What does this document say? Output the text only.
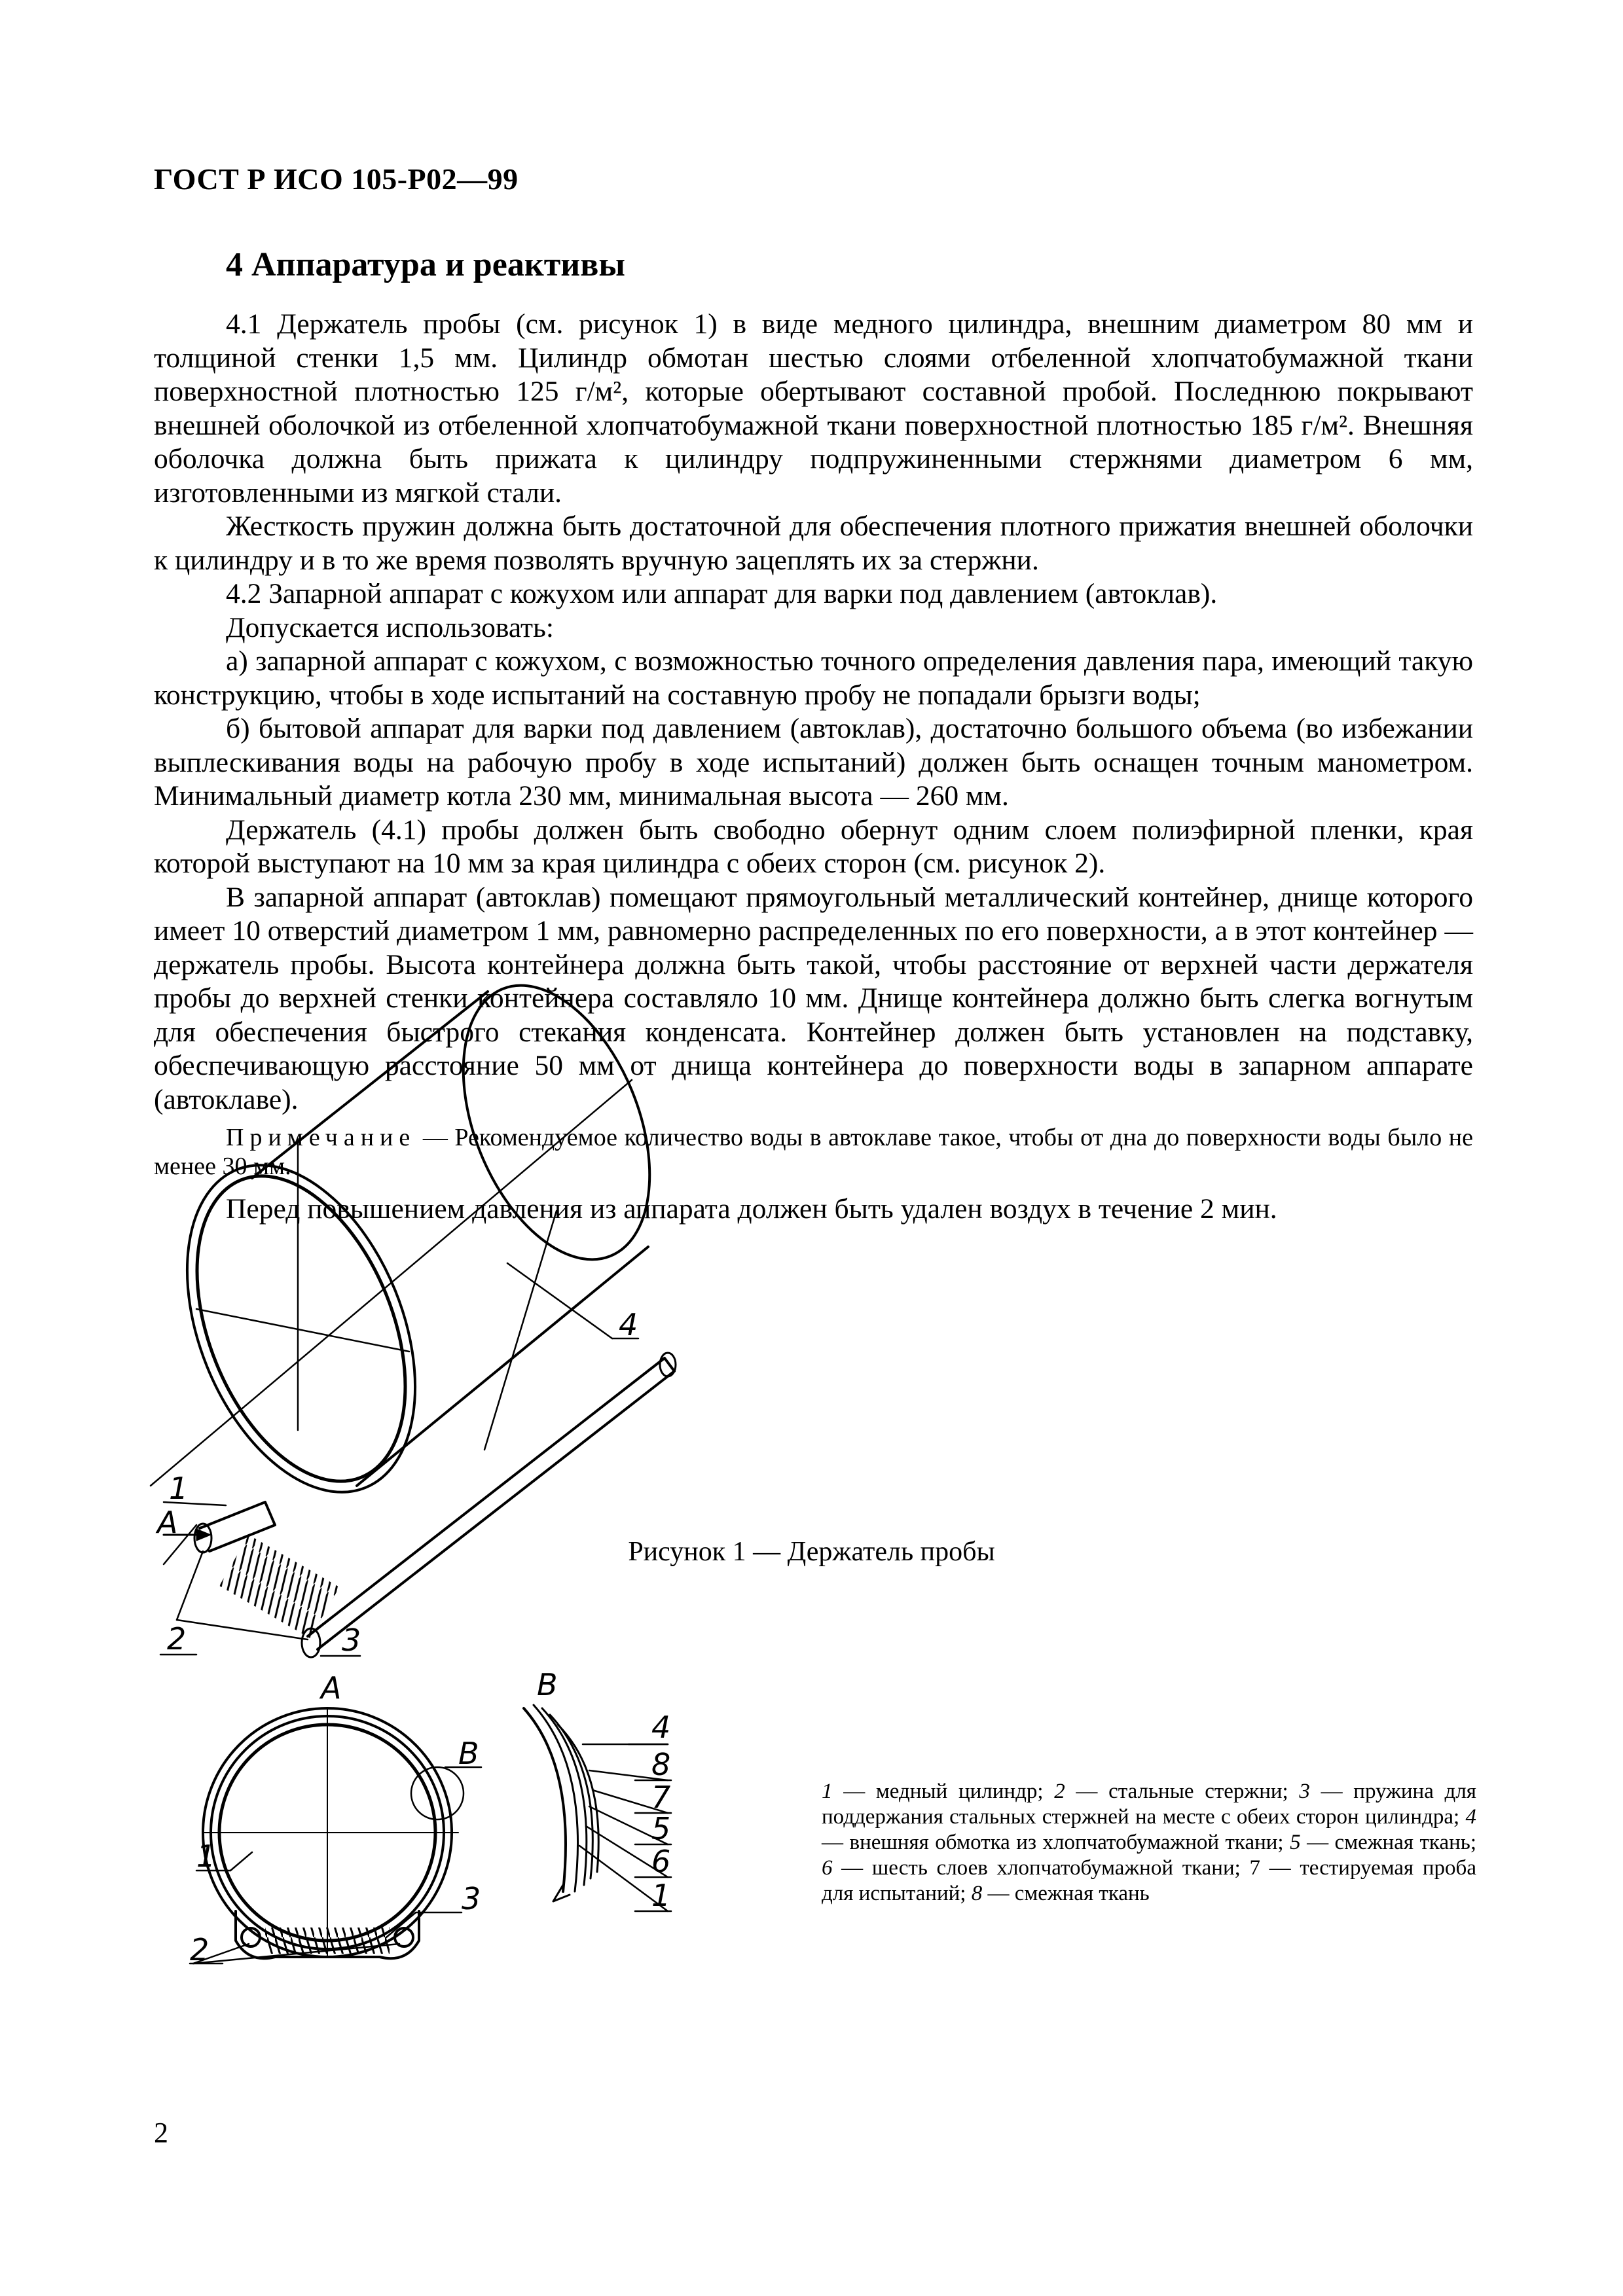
ГОСТ Р ИСО 105-Р02—99
4 Аппаратура и реактивы

4.1 Держатель пробы (см. рисунок 1) в виде медного цилиндра, внешним диаметром 80 мм и толщиной стенки 1,5 мм. Цилиндр обмотан шестью слоями отбеленной хлопчатобумажной ткани поверхностной плотностью 125 г/м², которые обертывают составной пробой. Последнюю покрывают внешней оболочкой из отбеленной хлопчатобумажной ткани поверхностной плотностью 185 г/м². Внешняя оболочка должна быть прижата к цилиндру подпружиненными стержнями диаметром 6 мм, изготовленными из мягкой стали.

Жесткость пружин должна быть достаточной для обеспечения плотного прижатия внешней оболочки к цилиндру и в то же время позволять вручную зацеплять их за стержни.

4.2 Запарной аппарат с кожухом или аппарат для варки под давлением (автоклав).

Допускается использовать:

а) запарной аппарат с кожухом, с возможностью точного определения давления пара, имеющий такую конструкцию, чтобы в ходе испытаний на составную пробу не попадали брызги воды;

б) бытовой аппарат для варки под давлением (автоклав), достаточно большого объема (во избежании выплескивания воды на рабочую пробу в ходе испытаний) должен быть оснащен точным манометром. Минимальный диаметр котла 230 мм, минимальная высота — 260 мм.

Держатель (4.1) пробы должен быть свободно обернут одним слоем полиэфирной пленки, края которой выступают на 10 мм за края цилиндра с обеих сторон (см. рисунок 2).

В запарной аппарат (автоклав) помещают прямоугольный металлический контейнер, днище которого имеет 10 отверстий диаметром 1 мм, равномерно распределенных по его поверхности, а в этот контейнер — держатель пробы. Высота контейнера должна быть такой, чтобы расстояние от верхней части держателя пробы до верхней стенки контейнера составляло 10 мм. Днище контейнера должно быть слегка вогнутым для обеспечения быстрого стекания конденсата. Контейнер должен быть установлен на подставку, обеспечивающую расстояние 50 мм от днища контейнера до поверхности воды в запарном аппарате (автоклаве).

Примечание — Рекомендуемое количество воды в автоклаве такое, чтобы от дна до поверхности воды было не менее 30 мм.

Перед повышением давления из аппарата должен быть удален воздух в течение 2 мин.

1
A
2	3
4
A
B
1
2
3
B
4
8
7
5
6
1
1 — медный цилиндр; 2 — стальные стержни; 3 — пружина для поддержания стальных стержней на месте с обеих сторон цилиндра; 4 — внешняя обмотка из хлопчатобумажной ткани; 5 — смежная ткань; 6 — шесть слоев хлопчатобумажной ткани; 7 — тестируемая проба для испытаний; 8 — смежная ткань
Рисунок 1 — Держатель пробы
2
